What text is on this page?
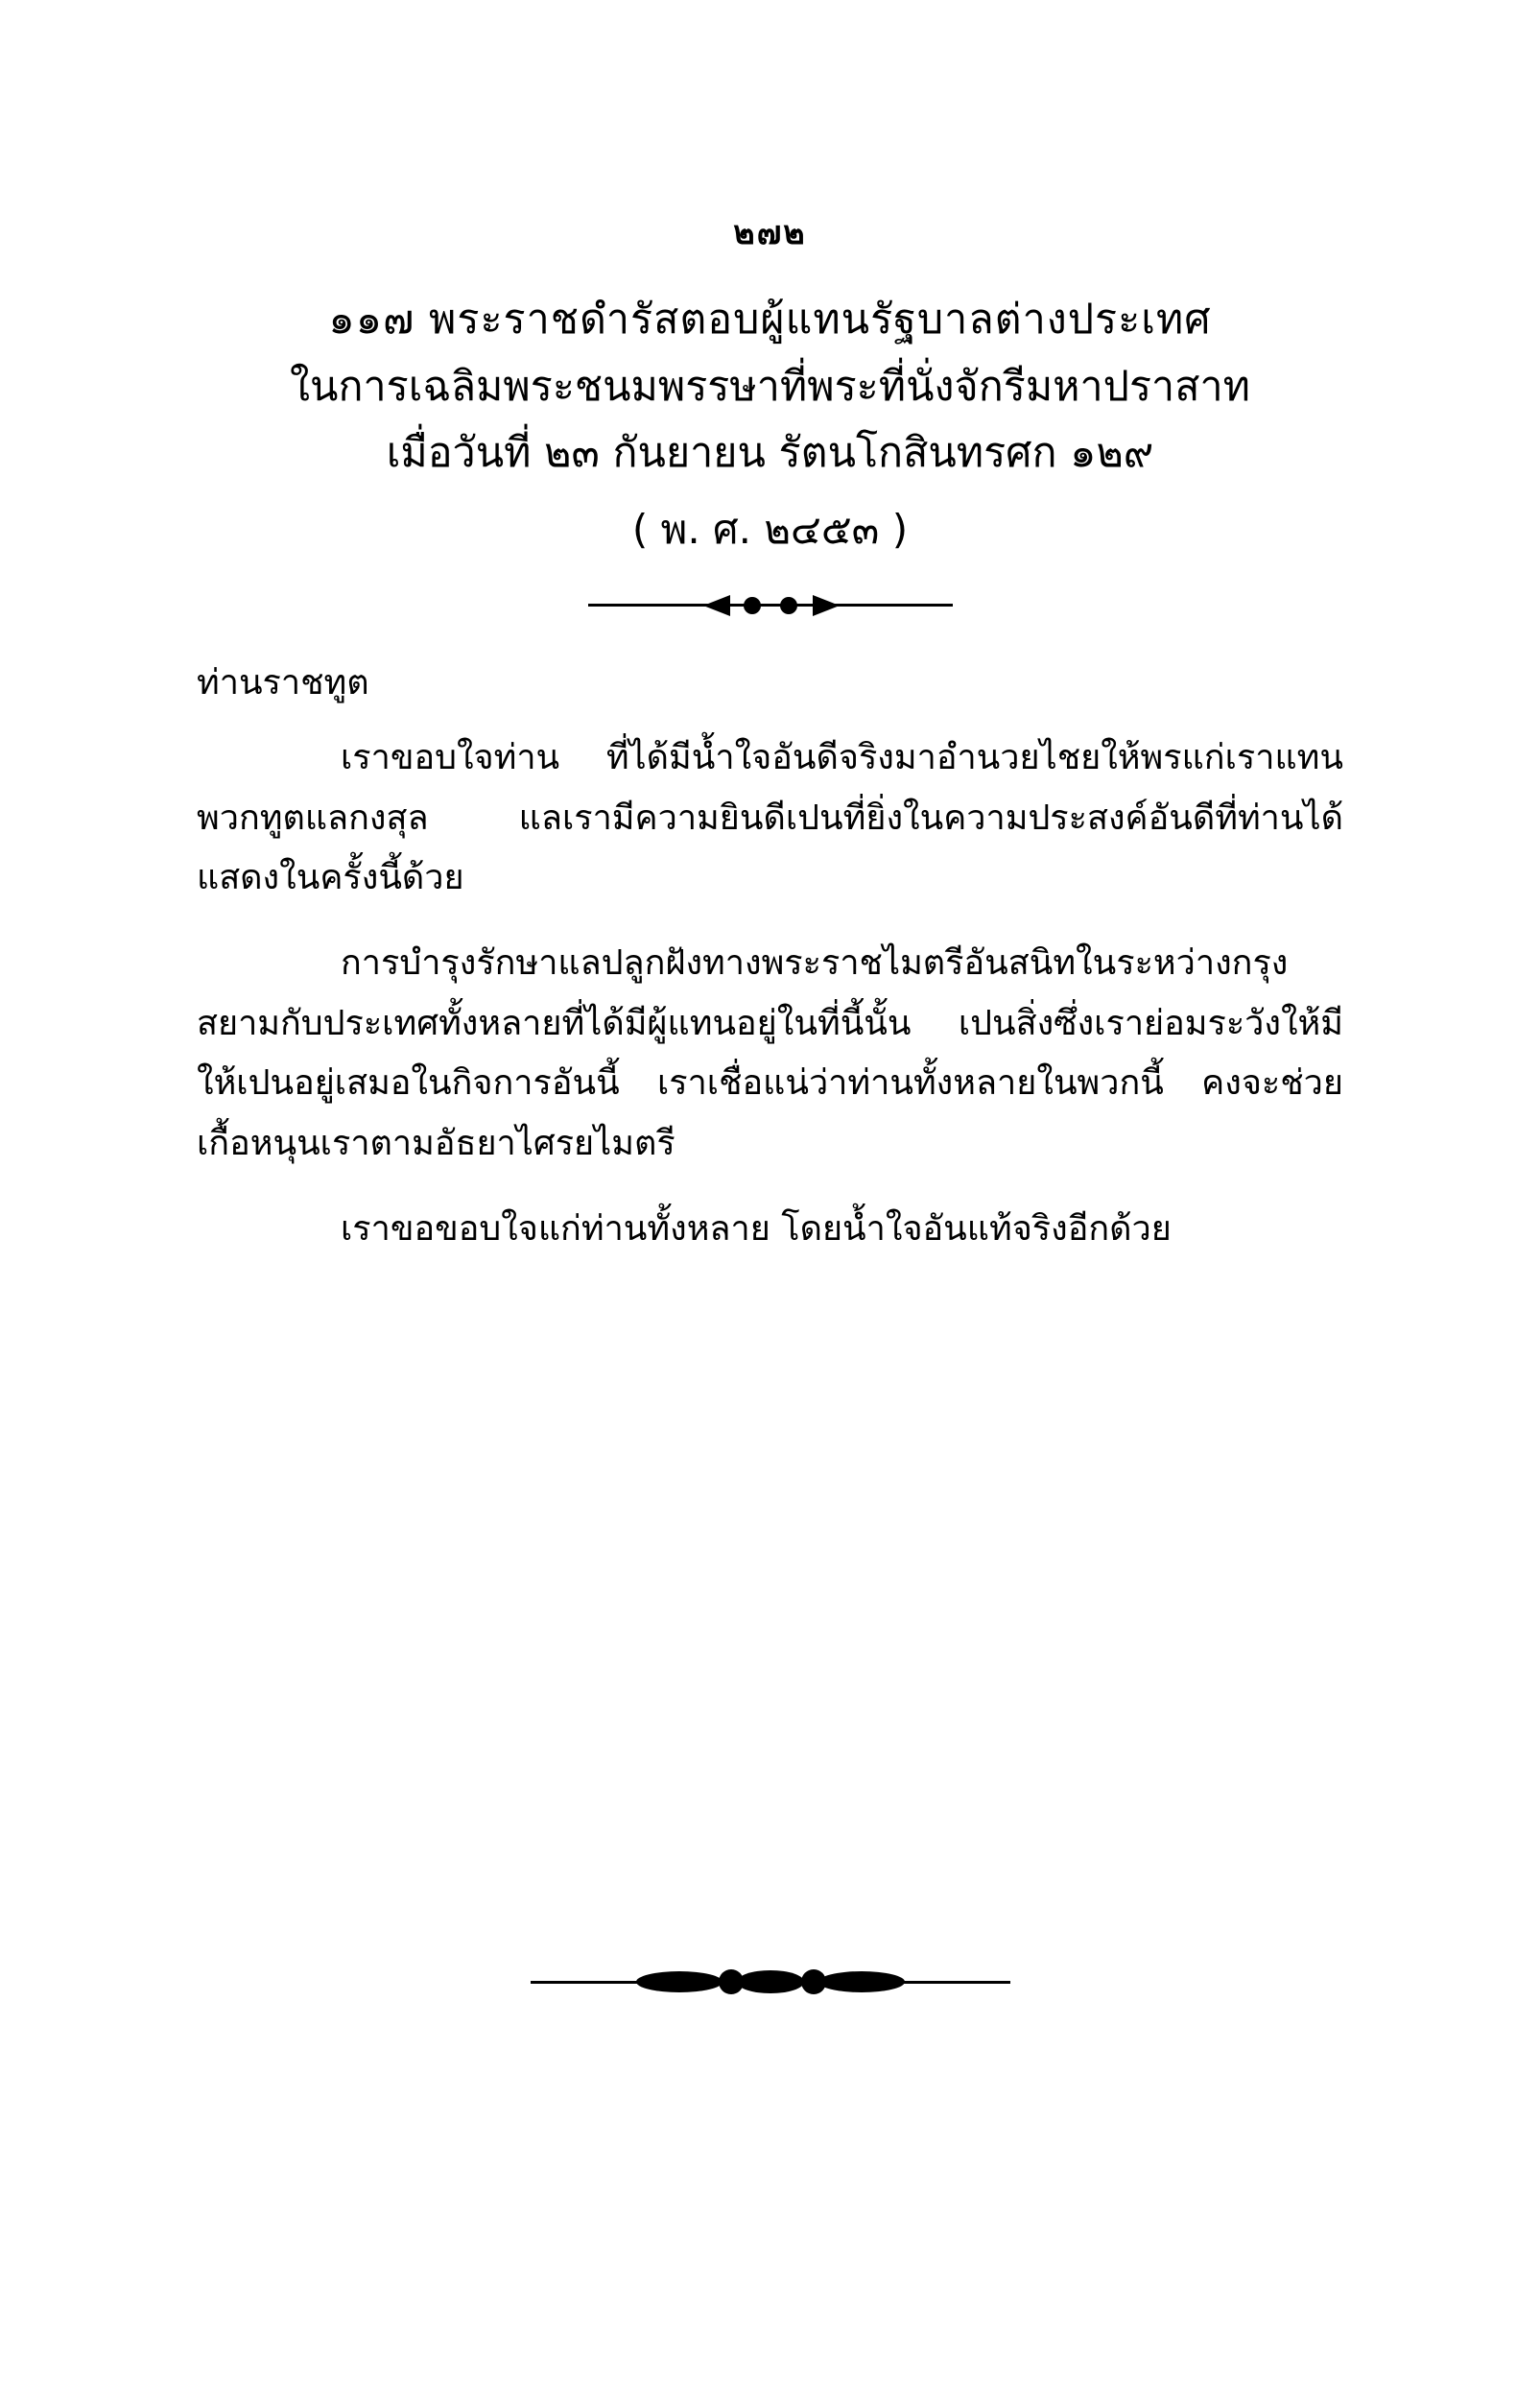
๒๗๒
๑๑๗ พระราชดำรัสตอบผู้แทนรัฐบาลต่างประเทศ
ในการเฉลิมพระชนมพรรษาที่พระที่นั่งจักรีมหาปราสาท
เมื่อวันที่ ๒๓ กันยายน รัตนโกสินทรศก ๑๒๙
( พ. ศ. ๒๔๕๓ )
ท่านราชทูต

เราขอบใจท่าน ที่ได้มีน้ำใจอันดีจริงมาอำนวยไชยให้พรแก่เราแทนพวกทูตแลกงสุล แลเรามีความยินดีเปนที่ยิ่งในความประสงค์อันดีที่ท่านได้แสดงในครั้งนี้ด้วย

การบำรุงรักษาแลปลูกฝังทางพระราชไมตรีอันสนิทในระหว่างกรุงสยามกับประเทศทั้งหลายที่ได้มีผู้แทนอยู่ในที่นี้นั้น เปนสิ่งซึ่งเราย่อมระวังให้มีให้เปนอยู่เสมอในกิจการอันนี้ เราเชื่อแน่ว่าท่านทั้งหลายในพวกนี้ คงจะช่วยเกื้อหนุนเราตามอัธยาไศรยไมตรี

เราขอขอบใจแก่ท่านทั้งหลาย โดยน้ำใจอันแท้จริงอีกด้วย
